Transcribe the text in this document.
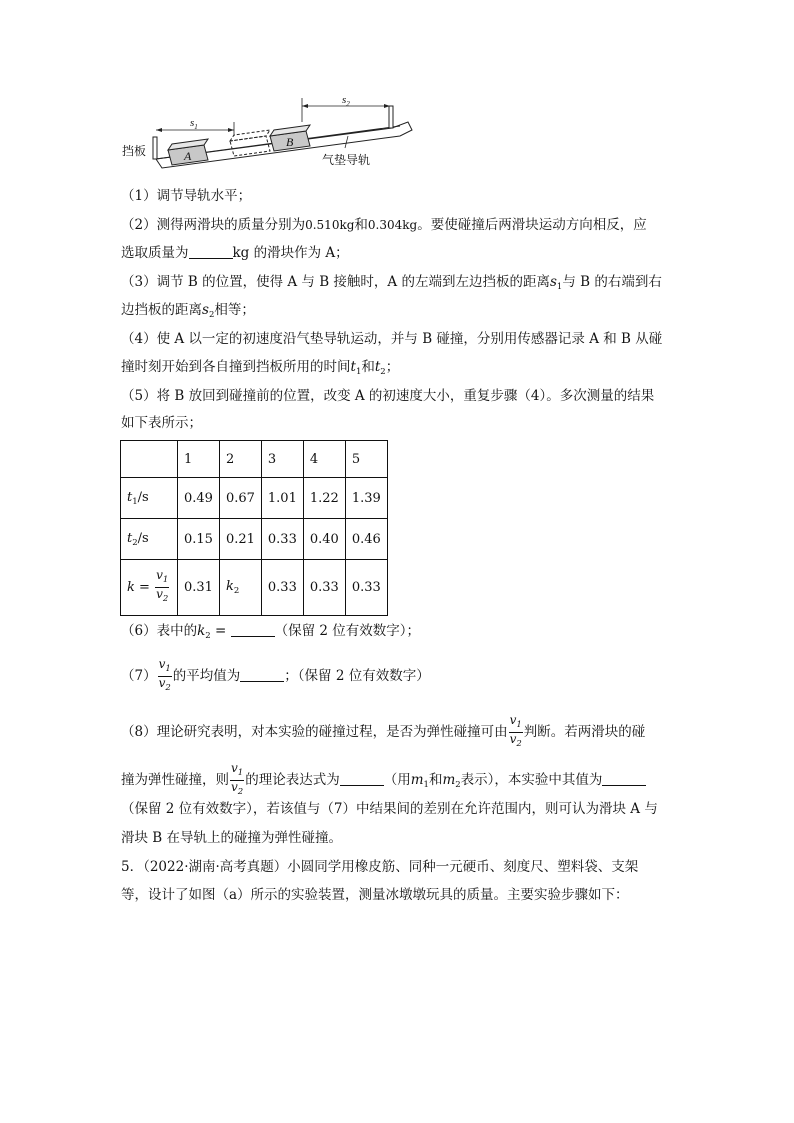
$s_1$
$s_2$
挡板	A
B
气垫导轨
（1）调节导轨水平；
（2）测得两滑块的质量分别为0.510kg和0.304kg。要使碰撞后两滑块运动方向相反，应
选取质量为	kg 的滑块作为 A；
（3）调节 B 的位置，使得 A 与 B 接触时，A 的左端到左边挡板的距离$s_1$与 B 的右端到右
边挡板的距离$s_2$相等；
（4）使 A 以一定的初速度沿气垫导轨运动，并与 B 碰撞，分别用传感器记录 A 和 B 从碰
撞时刻开始到各自撞到挡板所用的时间$t_1$和$t_2$；
（5）将 B 放回到碰撞前的位置，改变 A 的初速度大小，重复步骤（4）。多次测量的结果
如下表所示；
	1	2	3	4	5
$t_1/s$	0.49	0.67	1.01	1.22	1.39
$t_2/s$	0.15	0.21	0.33	0.40	0.46
$k = \frac{v_1}{v_2}$	0.31	$k_2$	0.33	0.33	0.33
（6）表中的$k_2$ =	（保留 2 位有效数字）；
$(7) \frac{v_1}{v_2}$ 的平均值为	；（保留 2 位有效数字）
（8）理论研究表明，对本实验的碰撞过程，是否为弹性碰撞可由 $\frac{v_1}{v_2}$ 判断。若两滑块的碰
撞为弹性碰撞，则 $\frac{v_1}{v_2}$ 的理论表达式为	（用$m_1$和$m_2$表示），本实验中其值为
（保留 2 位有效数字），若该值与（7）中结果间的差别在允许范围内，则可认为滑块 A 与
滑块 B 在导轨上的碰撞为弹性碰撞。
5．（2022·湖南·高考真题）小圆同学用橡皮筋、同种一元硬币、刻度尺、塑料袋、支架
等，设计了如图（a）所示的实验装置，测量冰墩墩玩具的质量。主要实验步骤如下：
